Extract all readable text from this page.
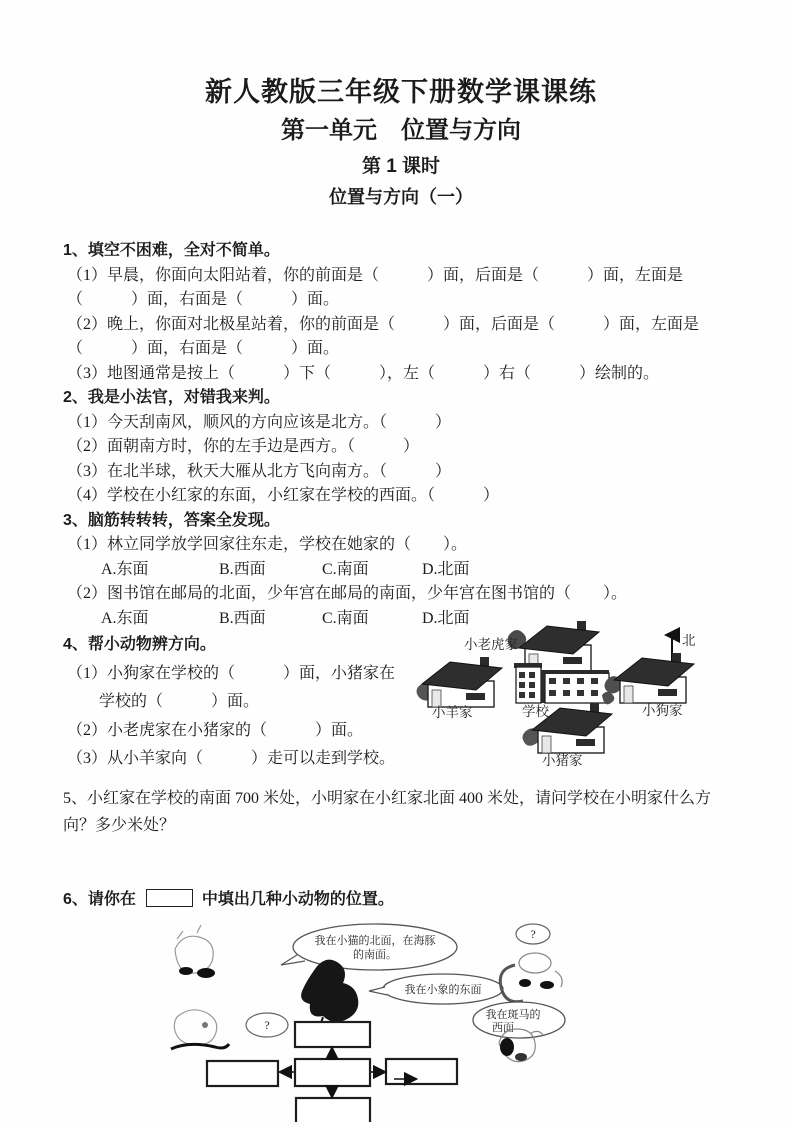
新人教版三年级下册数学课课练

第一单元　位置与方向

第 1 课时

位置与方向（一）

1、填空不困难，全对不简单。

（1）早晨，你面向太阳站着，你的前面是（　　　）面，后面是（　　　）面，左面是（　　　）面，右面是（　　　）面。

（2）晚上，你面对北极星站着，你的前面是（　　　）面，后面是（　　　）面，左面是（　　　）面，右面是（　　　）面。

（3）地图通常是按上（　　　）下（　　　），左（　　　）右（　　　）绘制的。

2、我是小法官，对错我来判。

（1）今天刮南风，顺风的方向应该是北方。（　　　）

（2）面朝南方时，你的左手边是西方。（　　　）

（3）在北半球，秋天大雁从北方飞向南方。（　　　）

（4）学校在小红家的东面，小红家在学校的西面。（　　　）

3、脑筋转转转，答案全发现。

（1）林立同学放学回家往东走，学校在她家的（　　）。

A.东面	B.西面	C.南面	D.北面

（2）图书馆在邮局的北面，少年宫在邮局的南面，少年宫在图书馆的（　　）。

A.东面	B.西面	C.南面	D.北面

4、帮小动物辨方向。

（1）小狗家在学校的（　　　）面，小猪家在

学校的（　　　）面。

（2）小老虎家在小猪家的（　　　）面。

（3）从小羊家向（　　　）走可以走到学校。

小老虎家	北
小羊家	学校	小狗家
小猪家

5、小红家在学校的南面 700 米处，小明家在小红家北面 400 米处，请问学校在小明家什么方向？多少米处？

6、请你在	中填出几种小动物的位置。

我在小猫的北面，在海豚
的南面。
我在小象的东面
?
?
我在斑马的
西面
